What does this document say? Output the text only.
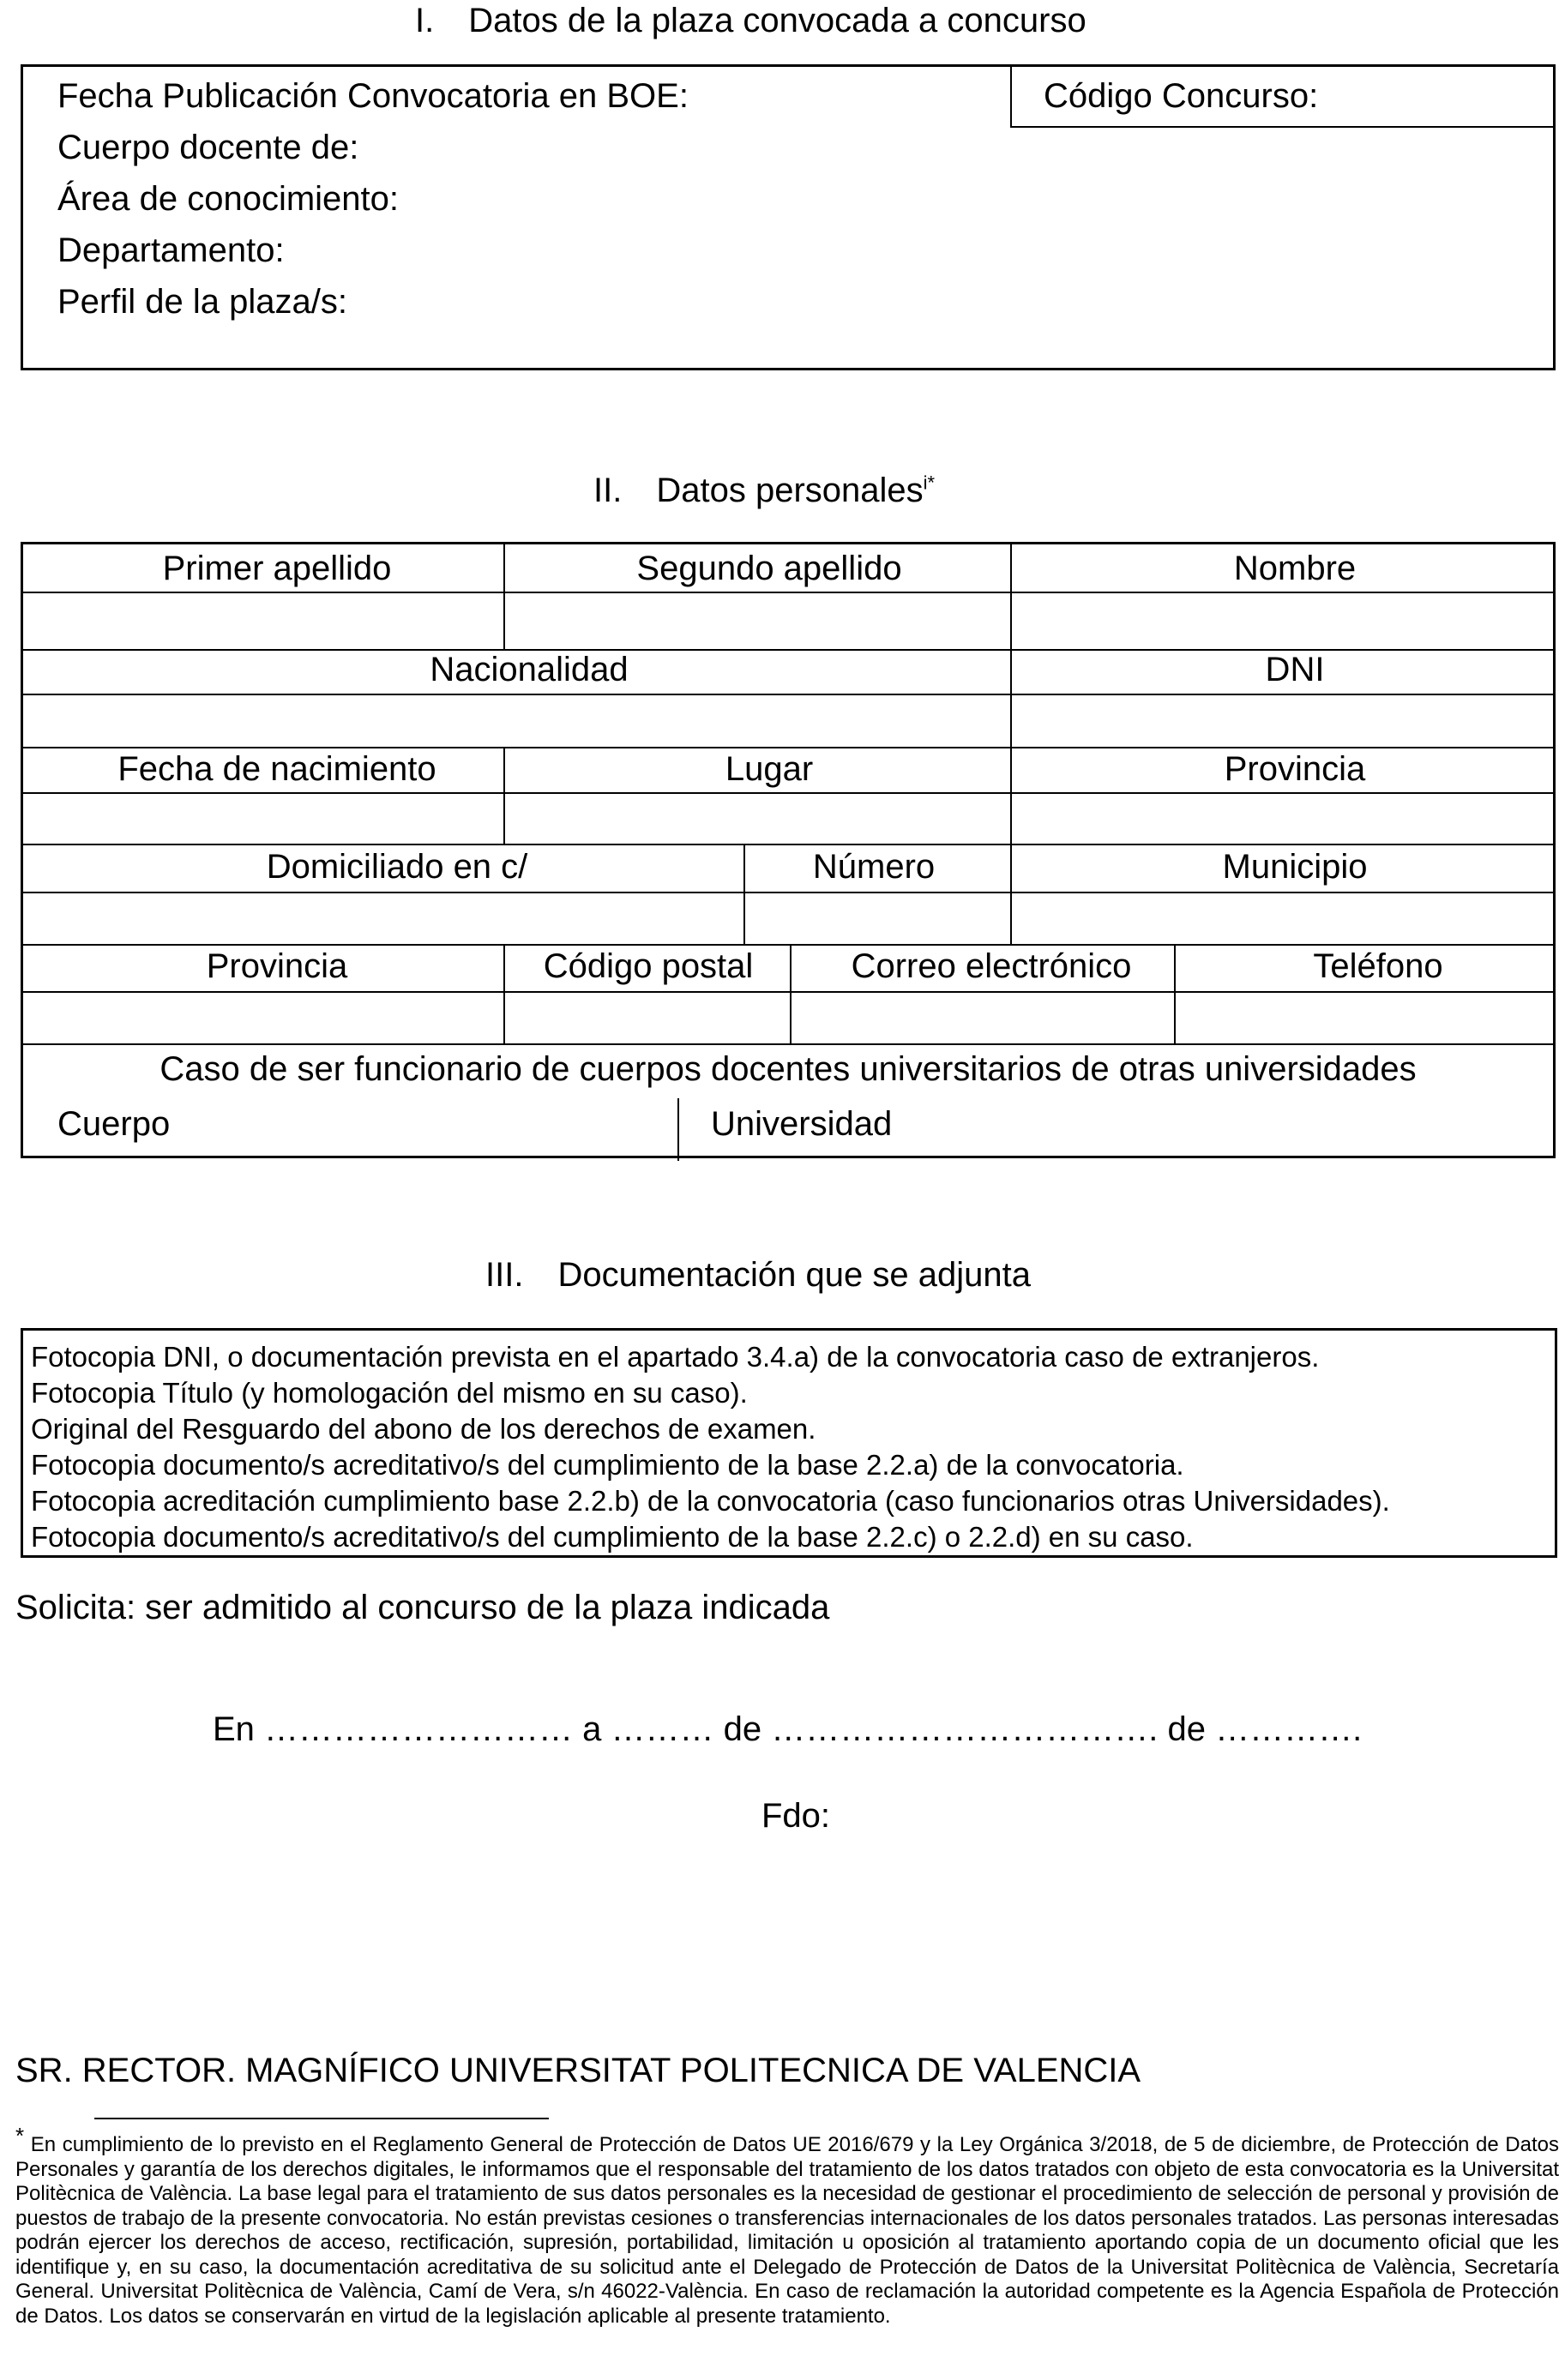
I. Datos de la plaza convocada a concurso
Fecha Publicación Convocatoria en BOE:
Cuerpo docente de:
Área de conocimiento:
Departamento:
Perfil de la plaza/s:
Código Concurso:
II. Datos personales$^{i*}$
Primer apellido	Segundo apellido	Nombre
Nacionalidad	DNI
Fecha de nacimiento	Lugar	Provincia
Domiciliado en c/	Número	Municipio
Provincia	Código postal	Correo electrónico	Teléfono
Caso de ser funcionario de cuerpos docentes universitarios de otras universidades
Cuerpo	Universidad
III. Documentación que se adjunta
Fotocopia DNI, o documentación prevista en el apartado 3.4.a) de la convocatoria caso de extranjeros.
Fotocopia Título (y homologación del mismo en su caso).
Original del Resguardo del abono de los derechos de examen.
Fotocopia documento/s acreditativo/s del cumplimiento de la base 2.2.a) de la convocatoria.
Fotocopia acreditación cumplimiento base 2.2.b) de la convocatoria (caso funcionarios otras Universidades).
Fotocopia documento/s acreditativo/s del cumplimiento de la base 2.2.c) o 2.2.d) en su caso.
Solicita: ser admitido al concurso de la plaza indicada
En ……………………… a ……… de ……………………………. de ………….
Fdo:
SR. RECTOR. MAGNÍFICO UNIVERSITAT POLITECNICA DE VALENCIA
* En cumplimiento de lo previsto en el Reglamento General de Protección de Datos UE 2016/679 y la Ley Orgánica 3/2018, de 5 de diciembre, de Protección de Datos Personales y garantía de los derechos digitales, le informamos que el responsable del tratamiento de los datos tratados con objeto de esta convocatoria es la Universitat Politècnica de València. La base legal para el tratamiento de sus datos personales es la necesidad de gestionar el procedimiento de selección de personal y provisión de puestos de trabajo de la presente convocatoria. No están previstas cesiones o transferencias internacionales de los datos personales tratados. Las personas interesadas podrán ejercer los derechos de acceso, rectificación, supresión, portabilidad, limitación u oposición al tratamiento aportando copia de un documento oficial que les identifique y, en su caso, la documentación acreditativa de su solicitud ante el Delegado de Protección de Datos de la Universitat Politècnica de València, Secretaría General. Universitat Politècnica de València, Camí de Vera, s/n 46022-València. En caso de reclamación la autoridad competente es la Agencia Española de Protección de Datos. Los datos se conservarán en virtud de la legislación aplicable al presente tratamiento.
